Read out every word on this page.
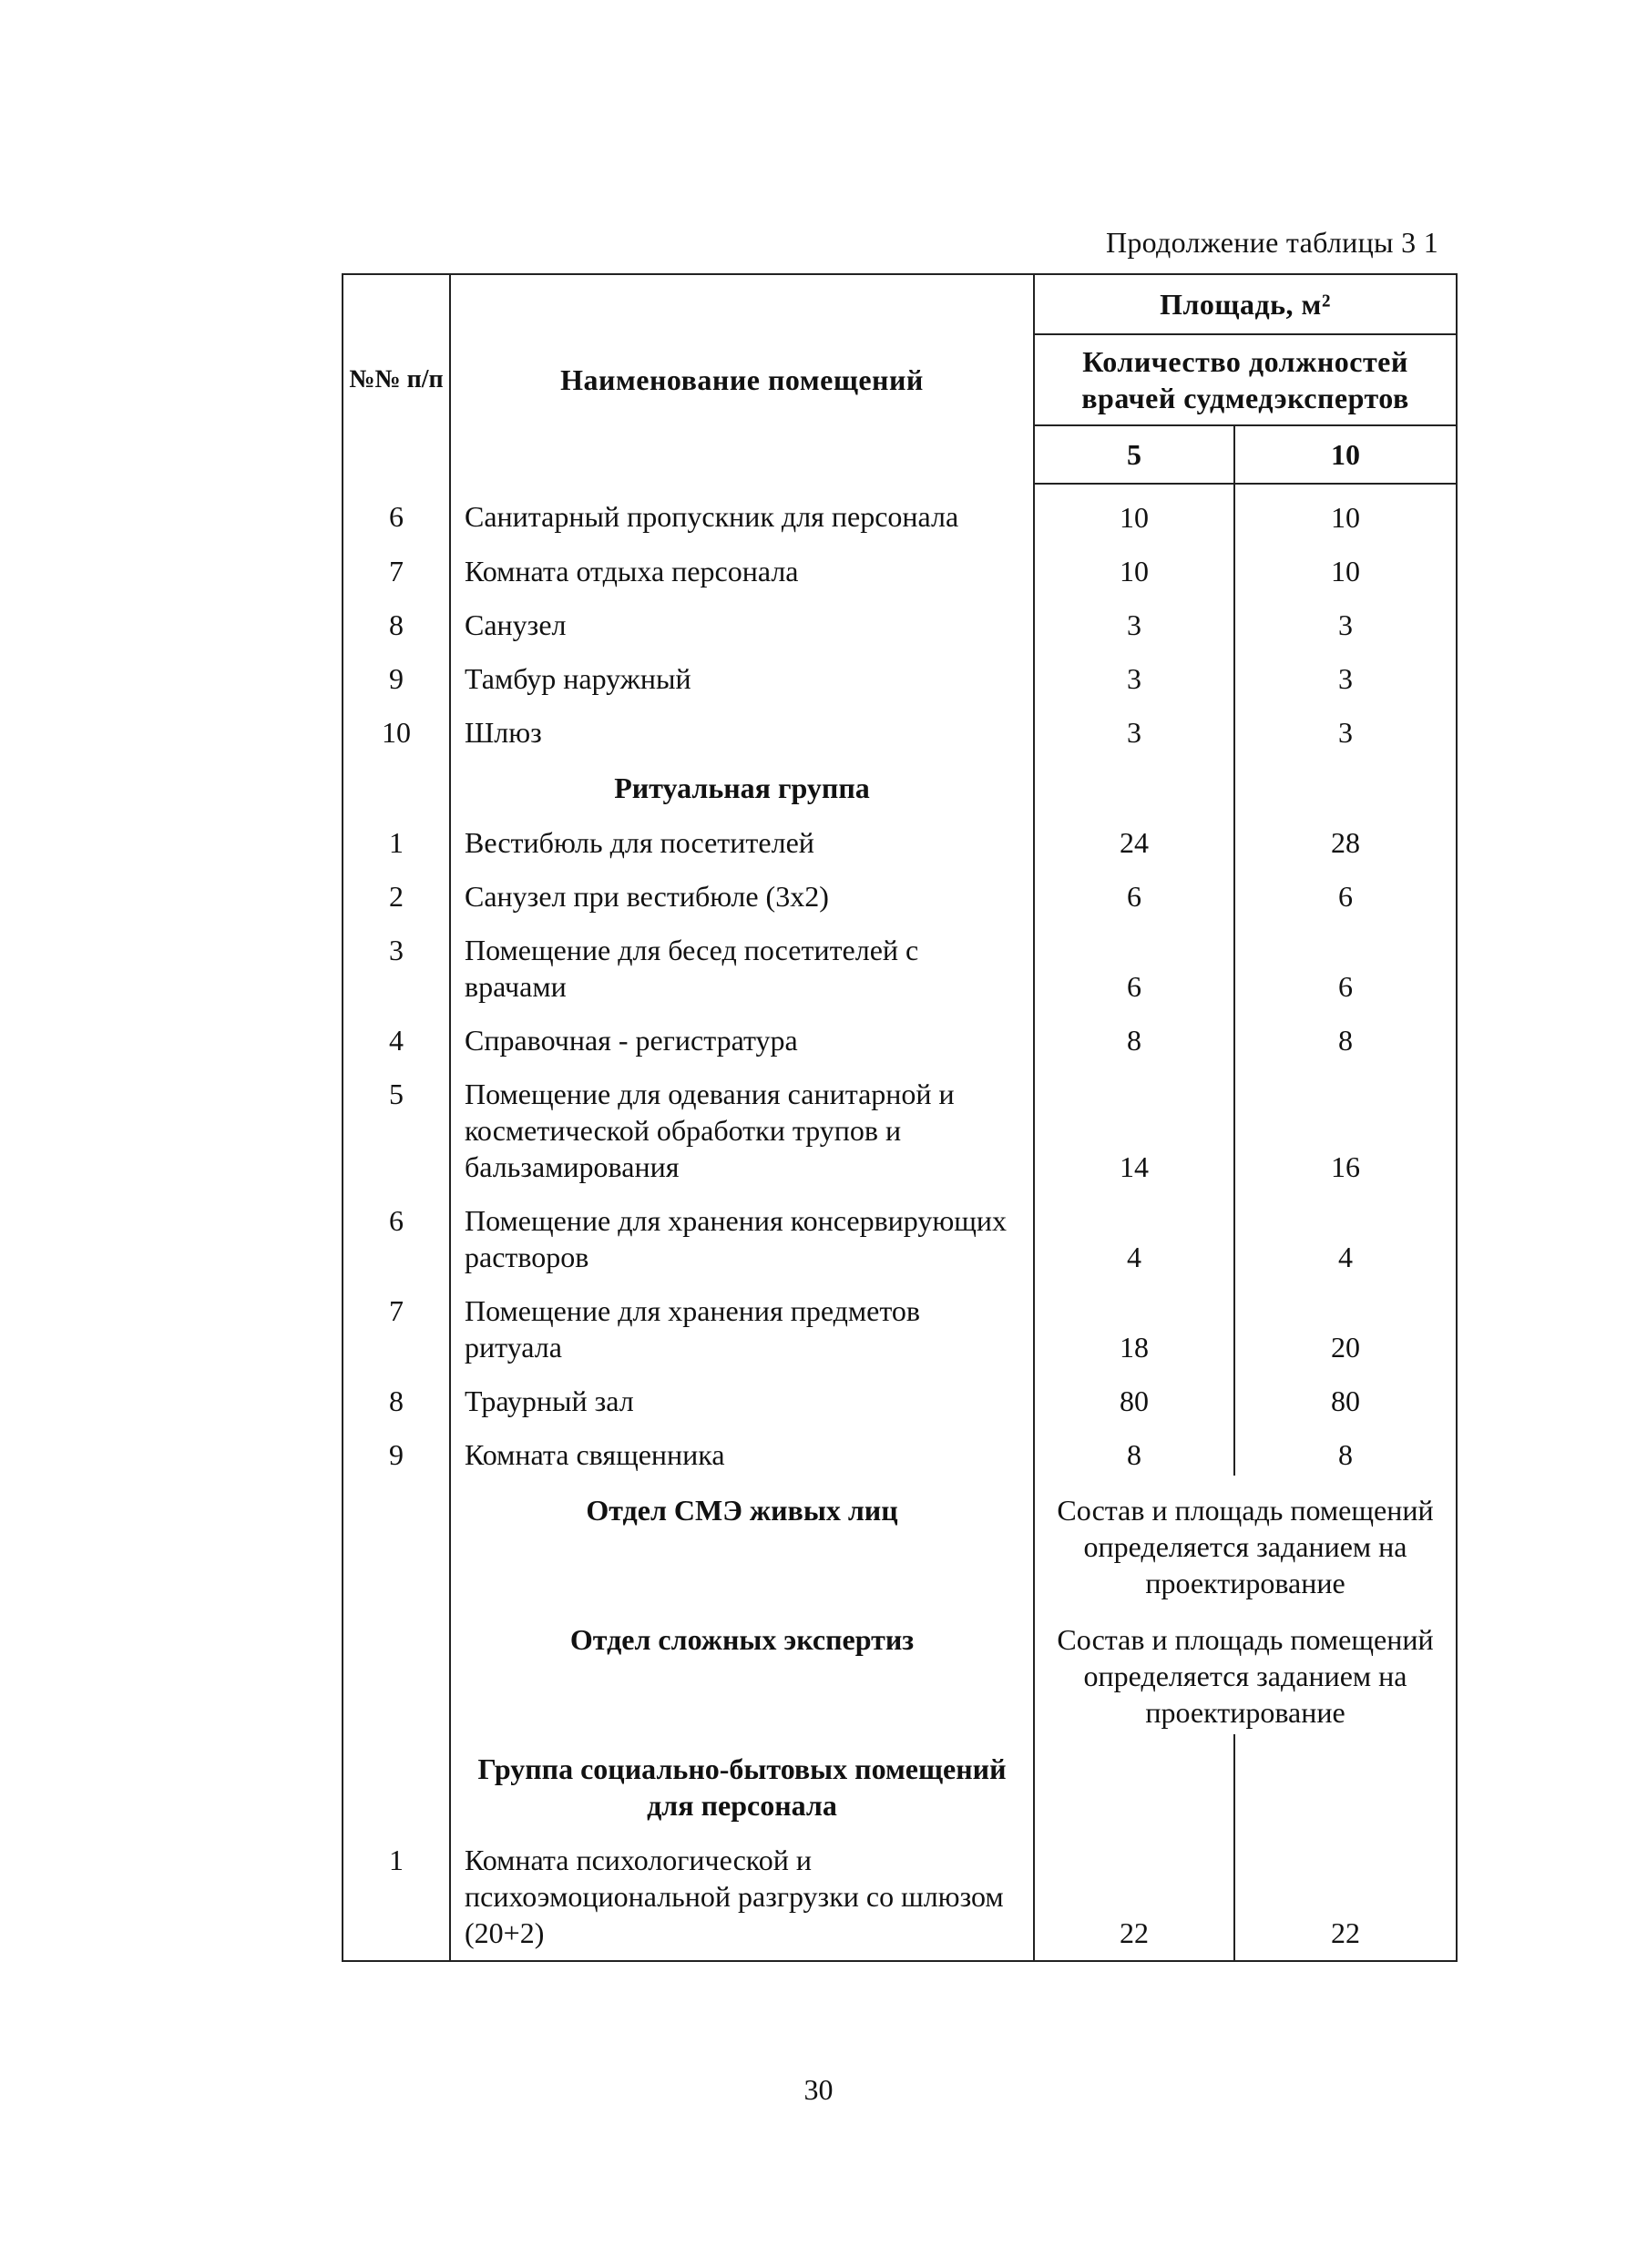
Продолжение таблицы 3 1
№№ п/п	Наименование помещений	Площадь, м²	
		Количество должностей врачей судмедэкспертов	
		5	10
6	Санитарный пропускник для персонала	10	10
7	Комната отдыха персонала	10	10
8	Санузел	3	3
9	Тамбур наружный	3	3
10	Шлюз	3	3
	Ритуальная группа		
1	Вестибюль для посетителей	24	28
2	Санузел при вестибюле (3х2)	6	6
3	Помещение для бесед посетителей с врачами	6	6
4	Справочная - регистратура	8	8
5	Помещение для одевания санитарной и косметической обработки трупов и бальзамирования	14	16
6	Помещение для хранения консервирующих растворов	4	4
7	Помещение для хранения предметов ритуала	18	20
8	Траурный зал	80	80
9	Комната священника	8	8
	Отдел СМЭ живых лиц	Состав и площадь помещений определяется заданием на проектирование	
	Отдел сложных экспертиз	Состав и площадь помещений определяется заданием на проектирование	
	Группа социально-бытовых помещений для персонала		
1	Комната психологической и психоэмоциональной разгрузки со шлюзом (20+2)	22	22
30
